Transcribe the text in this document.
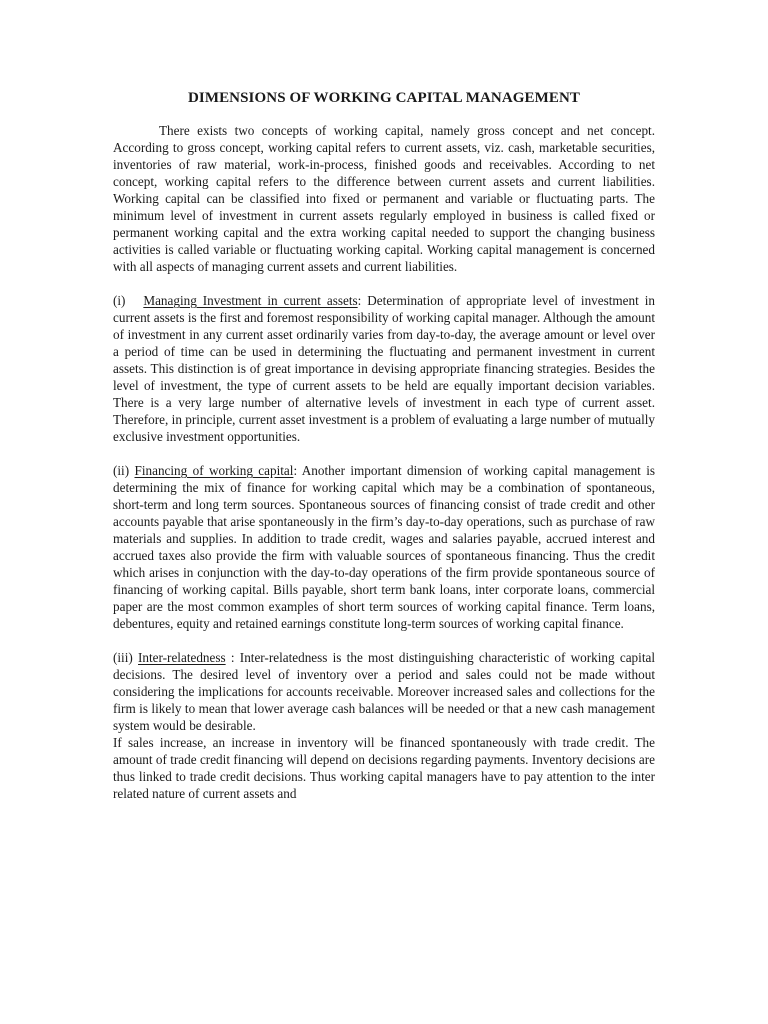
DIMENSIONS OF WORKING CAPITAL MANAGEMENT

There exists two concepts of working capital, namely gross concept and net concept. According to gross concept, working capital refers to current assets, viz. cash, marketable securities, inventories of raw material, work-in-process, finished goods and receivables. According to net concept, working capital refers to the difference between current assets and current liabilities. Working capital can be classified into fixed or permanent and variable or fluctuating parts. The minimum level of investment in current assets regularly employed in business is called fixed or permanent working capital and the extra working capital needed to support the changing business activities is called variable or fluctuating working capital. Working capital management is concerned with all aspects of managing current assets and current liabilities.

(i) Managing Investment in current assets: Determination of appropriate level of investment in current assets is the first and foremost responsibility of working capital manager. Although the amount of investment in any current asset ordinarily varies from day-to-day, the average amount or level over a period of time can be used in determining the fluctuating and permanent investment in current assets. This distinction is of great importance in devising appropriate financing strategies. Besides the level of investment, the type of current assets to be held are equally important decision variables. There is a very large number of alternative levels of investment in each type of current asset. Therefore, in principle, current asset investment is a problem of evaluating a large number of mutually exclusive investment opportunities.

(ii) Financing of working capital: Another important dimension of working capital management is determining the mix of finance for working capital which may be a combination of spontaneous, short-term and long term sources. Spontaneous sources of financing consist of trade credit and other accounts payable that arise spontaneously in the firm’s day-to-day operations, such as purchase of raw materials and supplies. In addition to trade credit, wages and salaries payable, accrued interest and accrued taxes also provide the firm with valuable sources of spontaneous financing. Thus the credit which arises in conjunction with the day-to-day operations of the firm provide spontaneous source of financing of working capital. Bills payable, short term bank loans, inter corporate loans, commercial paper are the most common examples of short term sources of working capital finance. Term loans, debentures, equity and retained earnings constitute long-term sources of working capital finance.

(iii) Inter-relatedness : Inter-relatedness is the most distinguishing characteristic of working capital decisions. The desired level of inventory over a period and sales could not be made without considering the implications for accounts receivable. Moreover increased sales and collections for the firm is likely to mean that lower average cash balances will be needed or that a new cash management system would be desirable.

If sales increase, an increase in inventory will be financed spontaneously with trade credit. The amount of trade credit financing will depend on decisions regarding payments. Inventory decisions are thus linked to trade credit decisions. Thus working capital managers have to pay attention to the inter related nature of current assets and
